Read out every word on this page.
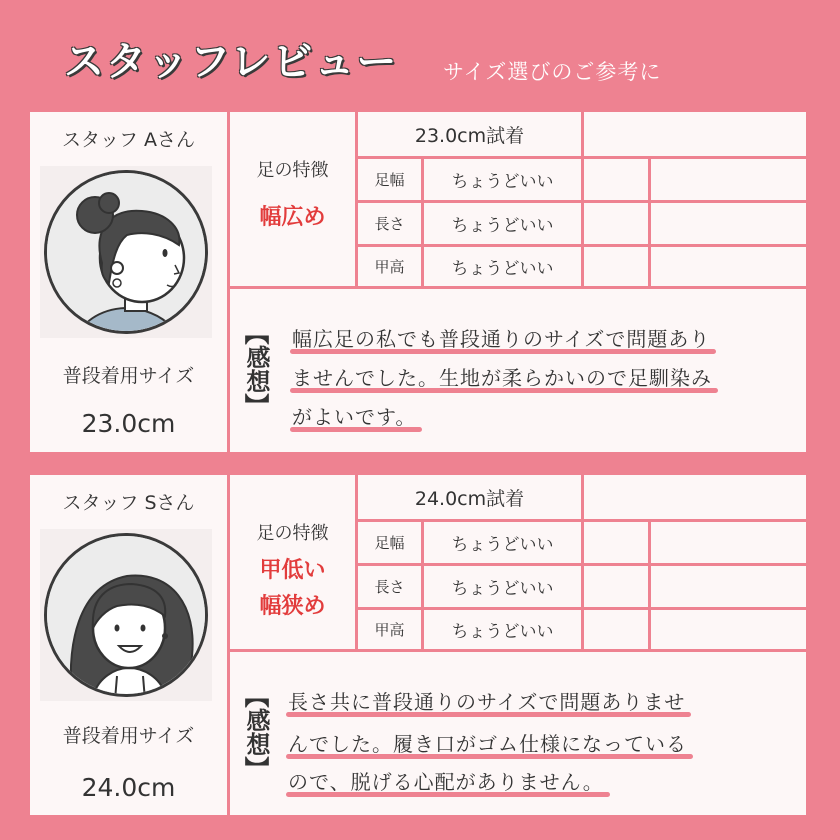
スタッフレビュー サイズ選びのご参考に
スタッフ Aさん
普段着用サイズ
23.0cm
足の特徴
幅広め
23.0cm試着
足幅	ちょうどいい
長さ	ちょうどいい
甲高	ちょうどいい
【
感想
】
幅広足の私でも普段通りのサイズで問題あり
ませんでした。生地が柔らかいので足馴染み
がよいです。
スタッフ Sさん
普段着用サイズ
24.0cm
足の特徴
甲低い
幅狭め
24.0cm試着
足幅	ちょうどいい
長さ	ちょうどいい
甲高	ちょうどいい
【
感想
】
長さ共に普段通りのサイズで問題ありませ
んでした。履き口がゴム仕様になっている
ので、脱げる心配がありません。
